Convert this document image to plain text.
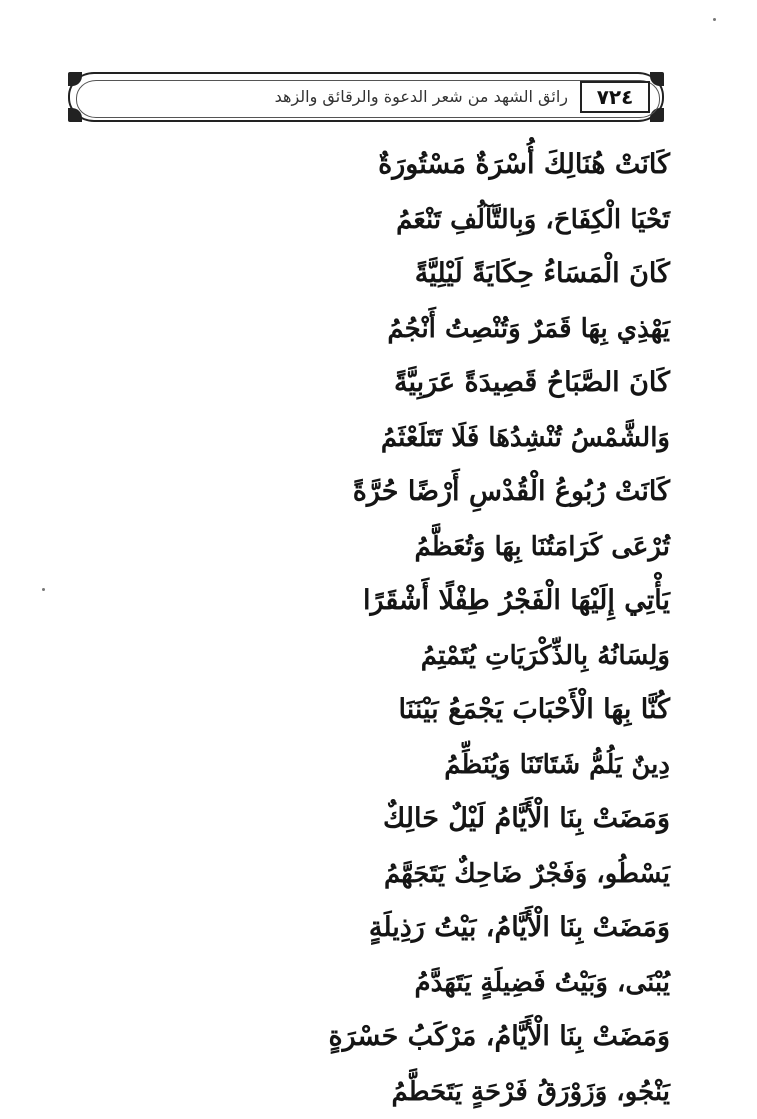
٧٢٤
رائق الشهد من شعر الدعوة والرقائق والزهد
كَانَتْ هُنَالِكَ أُسْرَةٌ مَسْتُورَةٌ
تَحْيَا الْكِفَاحَ، وَبِالتَّآلُفِ تَنْعَمُ
كَانَ الْمَسَاءُ حِكَايَةً لَيْلِيَّةً
يَهْذِي بِهَا قَمَرٌ وَتُنْصِتُ أَنْجُمُ
كَانَ الصَّبَاحُ قَصِيدَةً عَرَبِيَّةً
وَالشَّمْسُ تُنْشِدُهَا فَلَا تَتَلَعْثَمُ
كَانَتْ رُبُوعُ الْقُدْسِ أَرْضًا حُرَّةً
تُرْعَى كَرَامَتُنَا بِهَا وَتُعَظَّمُ
يَأْتِي إِلَيْهَا الْفَجْرُ طِفْلًا أَشْقَرًا
وَلِسَانُهُ بِالذِّكْرَيَاتِ يُتَمْتِمُ
كُنَّا بِهَا الْأَحْبَابَ يَجْمَعُ بَيْنَنَا
دِينٌ يَلُمُّ شَتَاتَنَا وَيُنَظِّمُ
وَمَضَتْ بِنَا الْأَيَّامُ لَيْلٌ حَالِكٌ
يَسْطُو، وَفَجْرٌ ضَاحِكٌ يَتَجَهَّمُ
وَمَضَتْ بِنَا الْأَيَّامُ، بَيْتُ رَذِيلَةٍ
يُبْنَى، وَبَيْتُ فَضِيلَةٍ يَتَهَدَّمُ
وَمَضَتْ بِنَا الْأَيَّامُ، مَرْكَبُ حَسْرَةٍ
يَنْجُو، وَزَوْرَقُ فَرْحَةٍ يَتَحَطَّمُ
